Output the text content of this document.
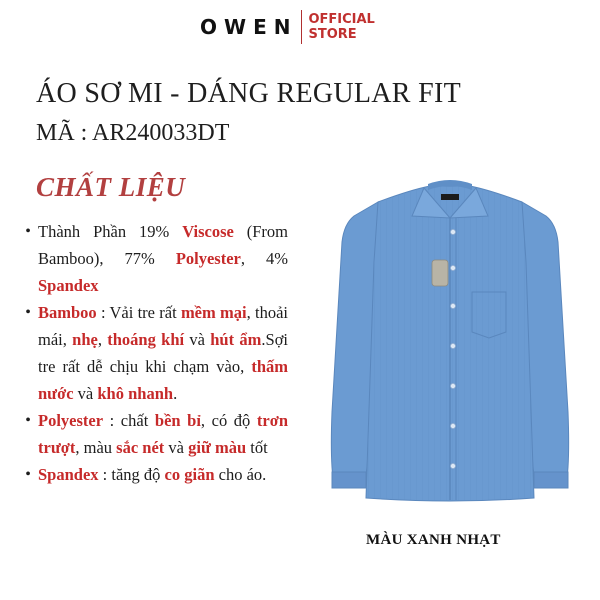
OWEN OFFICIAL
STORE
ÁO SƠ MI - DÁNG REGULAR FIT
MÃ : AR240033DT
CHẤT LIỆU
• Thành Phần 19% Viscose (From Bamboo), 77% Polyester, 4% Spandex
• Bamboo : Vải tre rất mềm mại, thoải mái, nhẹ, thoáng khí và hút ẩm.Sợi tre rất dễ chịu khi chạm vào, thấm nước và khô nhanh.
• Polyester : chất bền bỉ, có độ trơn trượt, màu sắc nét và giữ màu tốt
• Spandex : tăng độ co giãn cho áo.
MÀU XANH NHẠT
